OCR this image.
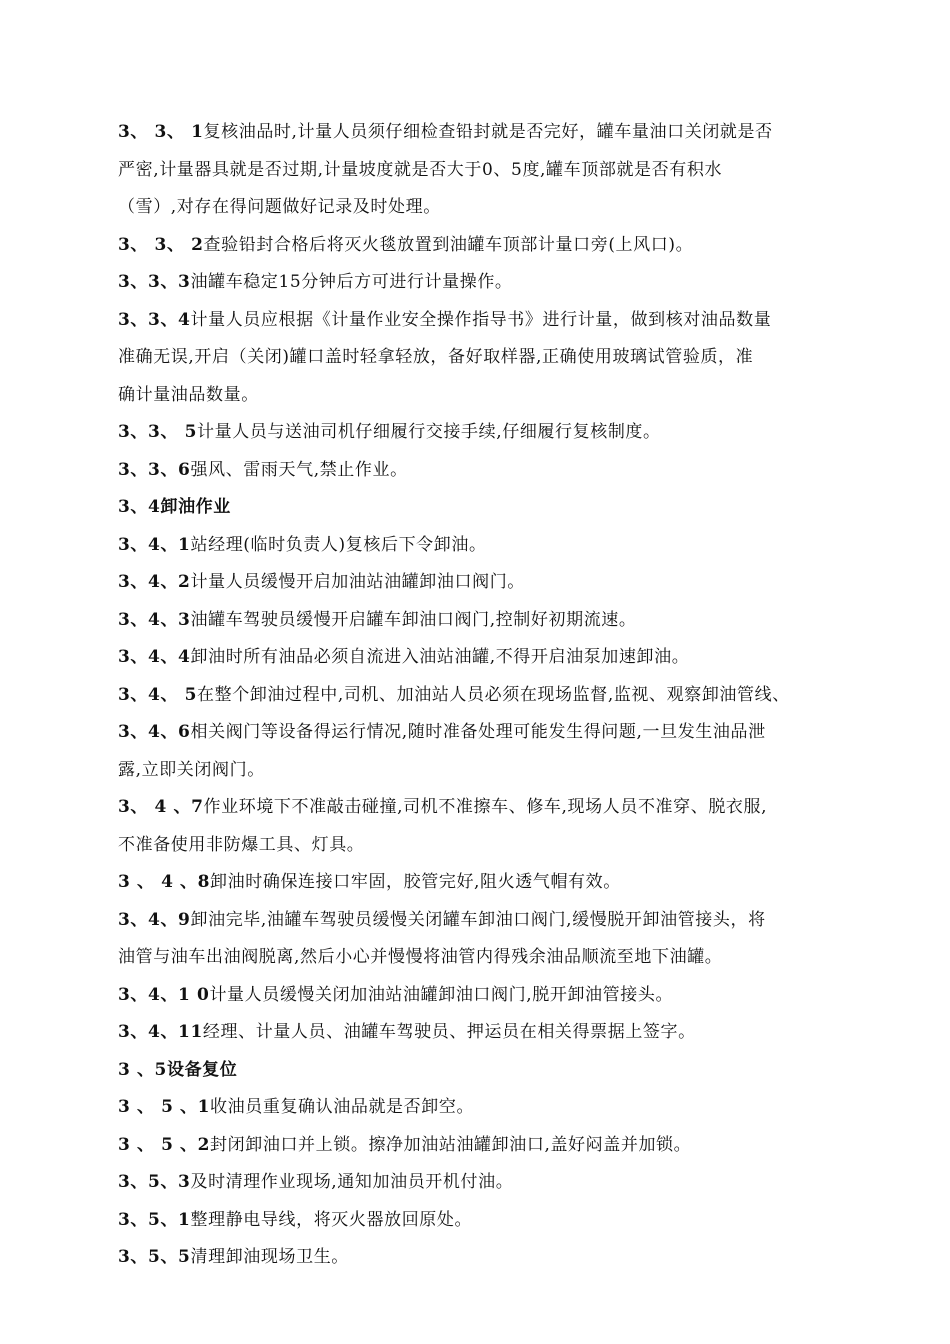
3、 3、 1复核油品时,计量人员须仔细检查铅封就是否完好，罐车量油口关闭就是否
严密,计量器具就是否过期,计量坡度就是否大于0、5度,罐车顶部就是否有积水
（雪）,对存在得问题做好记录及时处理。
3、 3、 2查验铅封合格后将灭火毯放置到油罐车顶部计量口旁(上风口)。
3、3、3油罐车稳定15分钟后方可进行计量操作。
3、3、4计量人员应根据《计量作业安全操作指导书》进行计量，做到核对油品数量
准确无误,开启（关闭)罐口盖时轻拿轻放，备好取样器,正确使用玻璃试管验质，准
确计量油品数量。
3、3、 5计量人员与送油司机仔细履行交接手续,仔细履行复核制度。
3、3、6强风、雷雨天气,禁止作业。
3、4卸油作业
3、4、1站经理(临时负责人)复核后下令卸油。
3、4、2计量人员缓慢开启加油站油罐卸油口阀门。
3、4、3油罐车驾驶员缓慢开启罐车卸油口阀门,控制好初期流速。
3、4、4卸油时所有油品必须自流进入油站油罐,不得开启油泵加速卸油。
3、4、 5在整个卸油过程中,司机、加油站人员必须在现场监督,监视、观察卸油管线、
3、4、6相关阀门等设备得运行情况,随时准备处理可能发生得问题,一旦发生油品泄
露,立即关闭阀门。
3、 4 、7作业环境下不准敲击碰撞,司机不准擦车、修车,现场人员不准穿、脱衣服,
不准备使用非防爆工具、灯具。
3 、 4 、8卸油时确保连接口牢固，胶管完好,阻火透气帽有效。
3、4、9卸油完毕,油罐车驾驶员缓慢关闭罐车卸油口阀门,缓慢脱开卸油管接头，将
油管与油车出油阀脱离,然后小心并慢慢将油管内得残余油品顺流至地下油罐。
3、4、1 0计量人员缓慢关闭加油站油罐卸油口阀门,脱开卸油管接头。
3、4、11经理、计量人员、油罐车驾驶员、押运员在相关得票据上签字。
3 、5设备复位
3 、 5 、1收油员重复确认油品就是否卸空。
3 、 5 、2封闭卸油口并上锁。擦净加油站油罐卸油口,盖好闷盖并加锁。
3、5、3及时清理作业现场,通知加油员开机付油。
3、5、1整理静电导线，将灭火器放回原处。
3、5、5清理卸油现场卫生。
